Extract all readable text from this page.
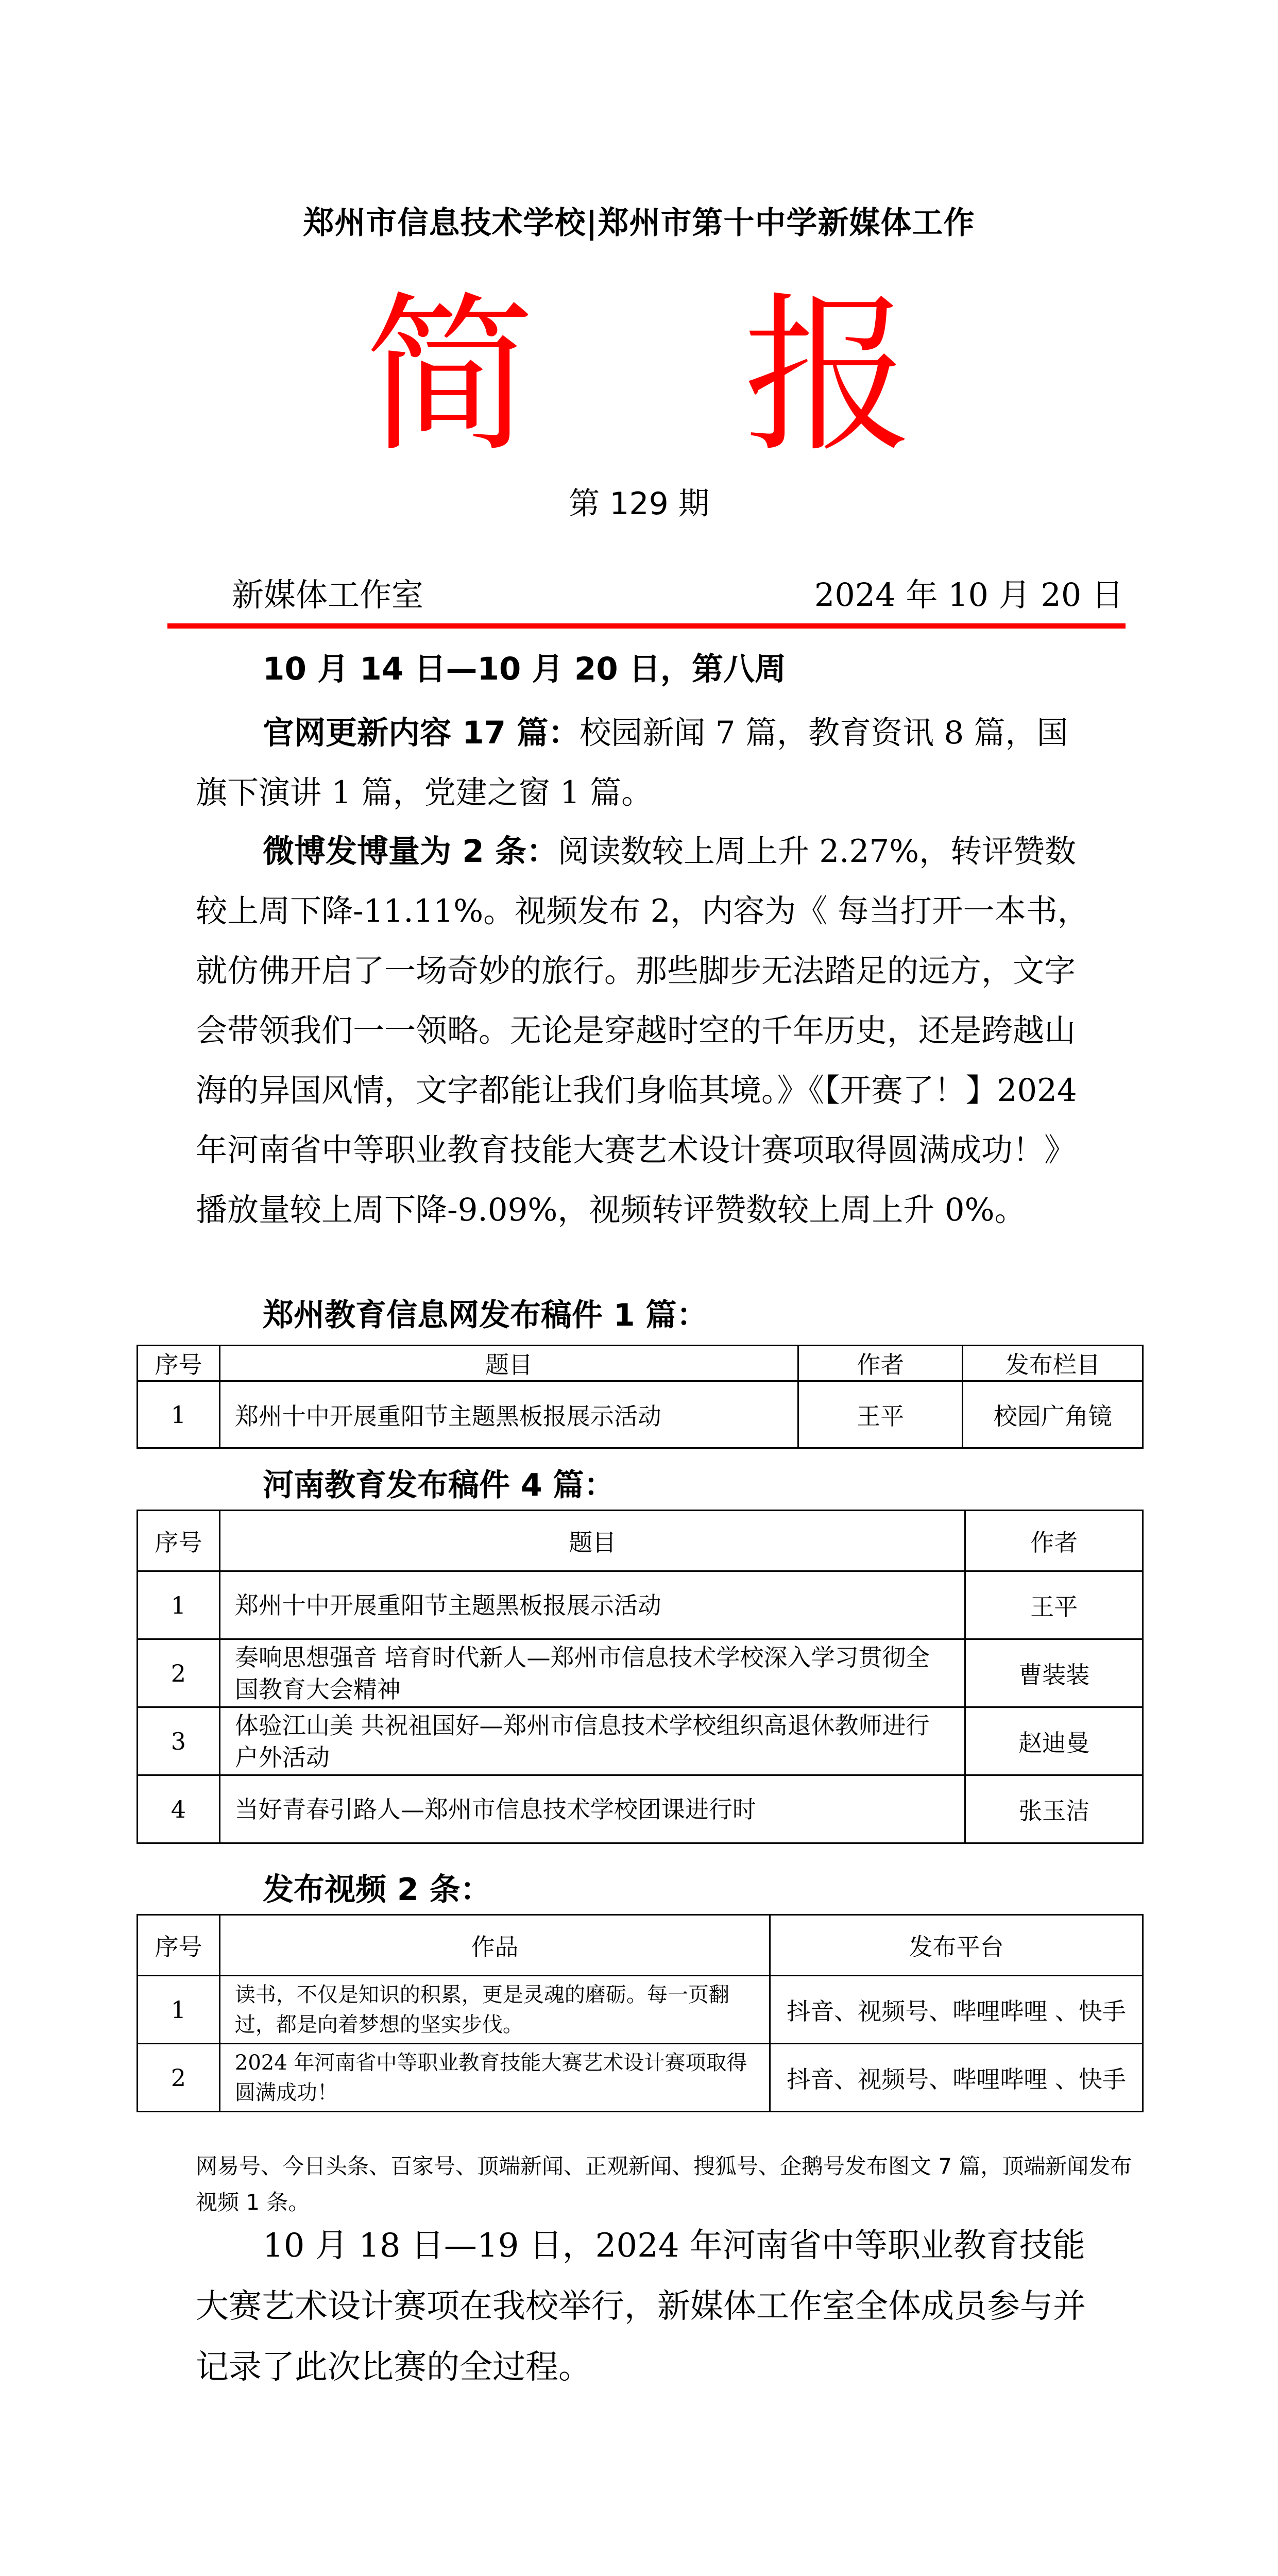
郑州市信息技术学校|郑州市第十中学新媒体工作
简 报
第 129 期
新媒体工作室	2024 年 10 月 20 日
10 月 14 日—10 月 20 日，第八周
官网更新内容 17 篇：校园新闻 7 篇，教育资讯 8 篇，国旗下演讲 1 篇，党建之窗 1 篇。
微博发博量为 2 条：阅读数较上周上升 2.27%，转评赞数较上周下降-11.11%。视频发布 2，内容为《 每当打开一本书，就仿佛开启了一场奇妙的旅行。那些脚步无法踏足的远方，文字会带领我们一一领略。无论是穿越时空的千年历史，还是跨越山海的异国风情，文字都能让我们身临其境。》《【开赛了！】2024 年河南省中等职业教育技能大赛艺术设计赛项取得圆满成功！》播放量较上周下降-9.09%，视频转评赞数较上周上升 0%。
郑州教育信息网发布稿件 1 篇：
序号	题目	作者	发布栏目
1	郑州十中开展重阳节主题黑板报展示活动	王平	校园广角镜
河南教育发布稿件 4 篇：
序号	题目	作者
1	郑州十中开展重阳节主题黑板报展示活动	王平
2	奏响思想强音 培育时代新人—郑州市信息技术学校深入学习贯彻全国教育大会精神	曹装装
3	体验江山美 共祝祖国好—郑州市信息技术学校组织高退休教师进行户外活动	赵迪曼
4	当好青春引路人—郑州市信息技术学校团课进行时	张玉洁
发布视频 2 条：
序号	作品	发布平台
1	读书，不仅是知识的积累，更是灵魂的磨砺。每一页翻过，都是向着梦想的坚实步伐。	抖音、视频号、哔哩哔哩 、快手
2	2024 年河南省中等职业教育技能大赛艺术设计赛项取得圆满成功！	抖音、视频号、哔哩哔哩 、快手
网易号、今日头条、百家号、顶端新闻、正观新闻、搜狐号、企鹅号发布图文 7 篇，顶端新闻发布视频 1 条。
10 月 18 日—19 日，2024 年河南省中等职业教育技能大赛艺术设计赛项在我校举行，新媒体工作室全体成员参与并记录了此次比赛的全过程。
